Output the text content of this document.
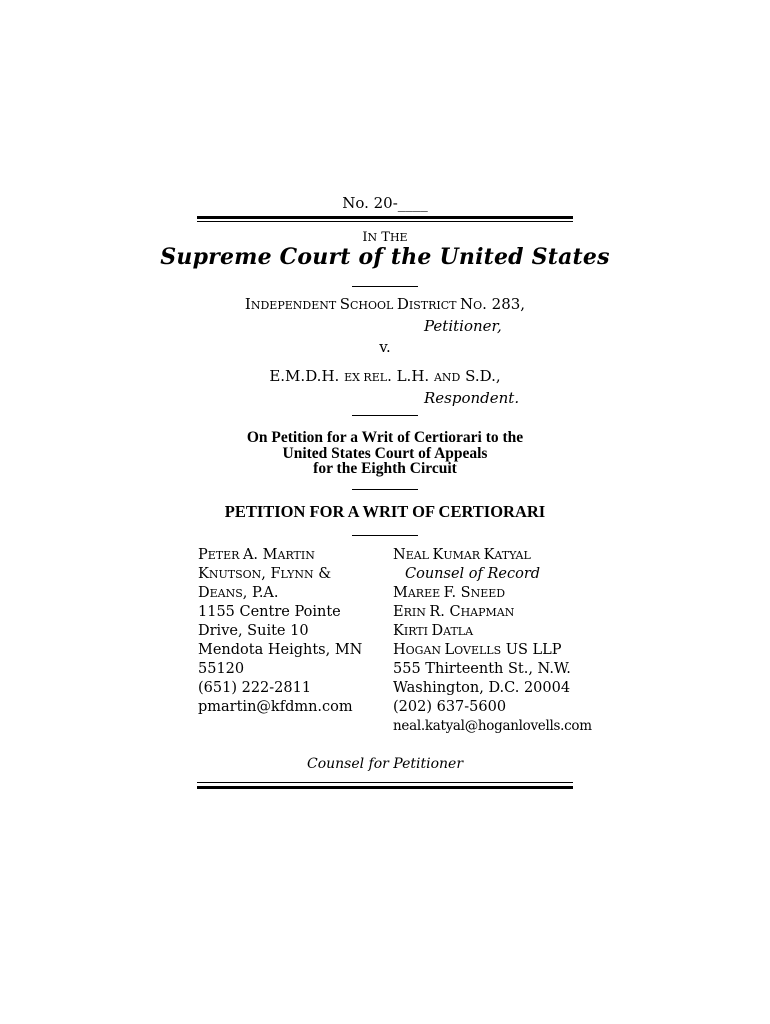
No. 20-____
IN THE
Supreme Court of the United States
INDEPENDENT SCHOOL DISTRICT NO. 283,
Petitioner,
v.
E.M.D.H. EX REL. L.H. AND S.D.,
Respondent.
On Petition for a Writ of Certiorari to the
United States Court of Appeals
for the Eighth Circuit
PETITION FOR A WRIT OF CERTIORARI
PETER A. MARTIN
KNUTSON, FLYNN &
DEANS, P.A.
1155 Centre Pointe
Drive, Suite 10
Mendota Heights, MN
55120
(651) 222-2811
pmartin@kfdmn.com
NEAL KUMAR KATYAL
Counsel of Record
MAREE F. SNEED
ERIN R. CHAPMAN
KIRTI DATLA
HOGAN LOVELLS US LLP
555 Thirteenth St., N.W.
Washington, D.C. 20004
(202) 637-5600
neal.katyal@hoganlovells.com
Counsel for Petitioner
